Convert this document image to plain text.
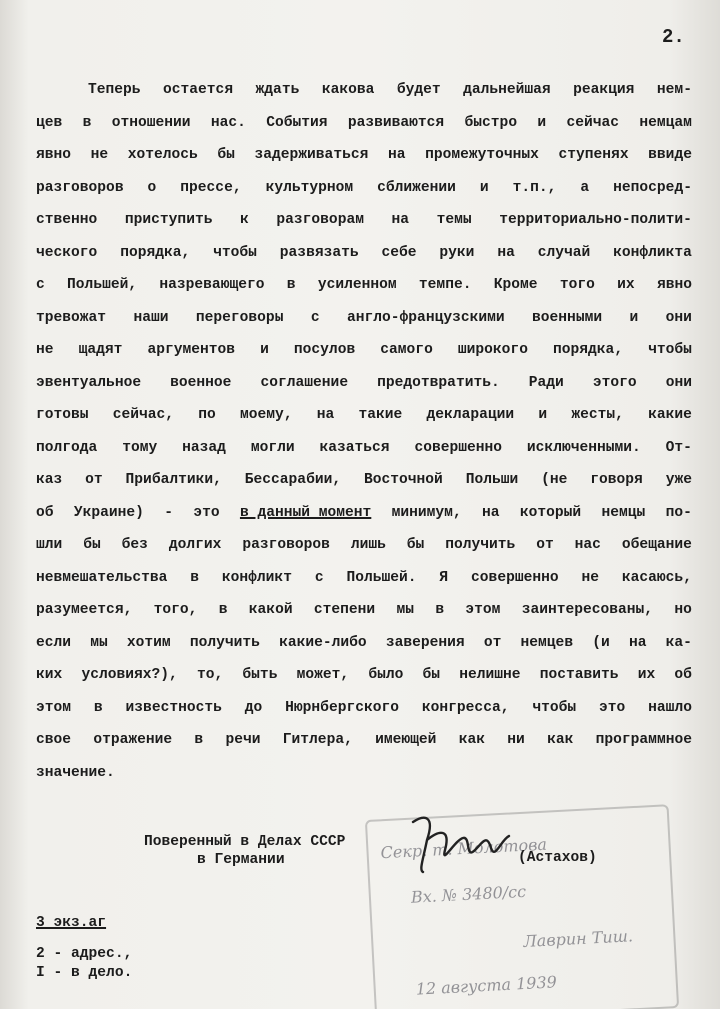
2.
Теперь остается ждать какова будет дальнейшая реакция нем-
цев в отношении нас. События развиваются быстро и сейчас немцам
явно не хотелось бы задерживаться на промежуточных ступенях ввиде
разговоров о прессе, культурном сближении и т.п., а непосред-
ственно приступить к разговорам на темы территориально-полити-
ческого порядка, чтобы развязать себе руки на случай конфликта
с Польшей, назревающего в усиленном темпе. Кроме того их явно
тревожат наши переговоры с англо-французскими военными и они
не щадят аргументов и посулов самого широкого порядка, чтобы
эвентуальное военное соглашение предотвратить. Ради этого они
готовы сейчас, по моему, на такие декларации и жесты, какие
полгода тому назад могли казаться совершенно исключенными. От-
каз от Прибалтики, Бессарабии, Восточной Польши (не говоря уже
об Украине) - это в данный момент минимум, на который немцы по-
шли бы без долгих разговоров лишь бы получить от нас обещание
невмешательства в конфликт с Польшей. Я совершенно не касаюсь,
разумеется, того, в какой степени мы в этом заинтересованы, но
если мы хотим получить какие-либо заверения от немцев (и на ка-
ких условиях?), то, быть может, было бы нелишне поставить их об
этом в известность до Нюрнбергского конгресса, чтобы это нашло
свое отражение в речи Гитлера, имеющей как ни как программное
значение.
Секр. т. Молотова
Вх. № 3480/сс
Лаврин Тиш.
12 августа 1939
Поверенный в Делах СССР
в Германии	(Астахов)
3 экз.аг
2 - адрес.,
I - в дело.
